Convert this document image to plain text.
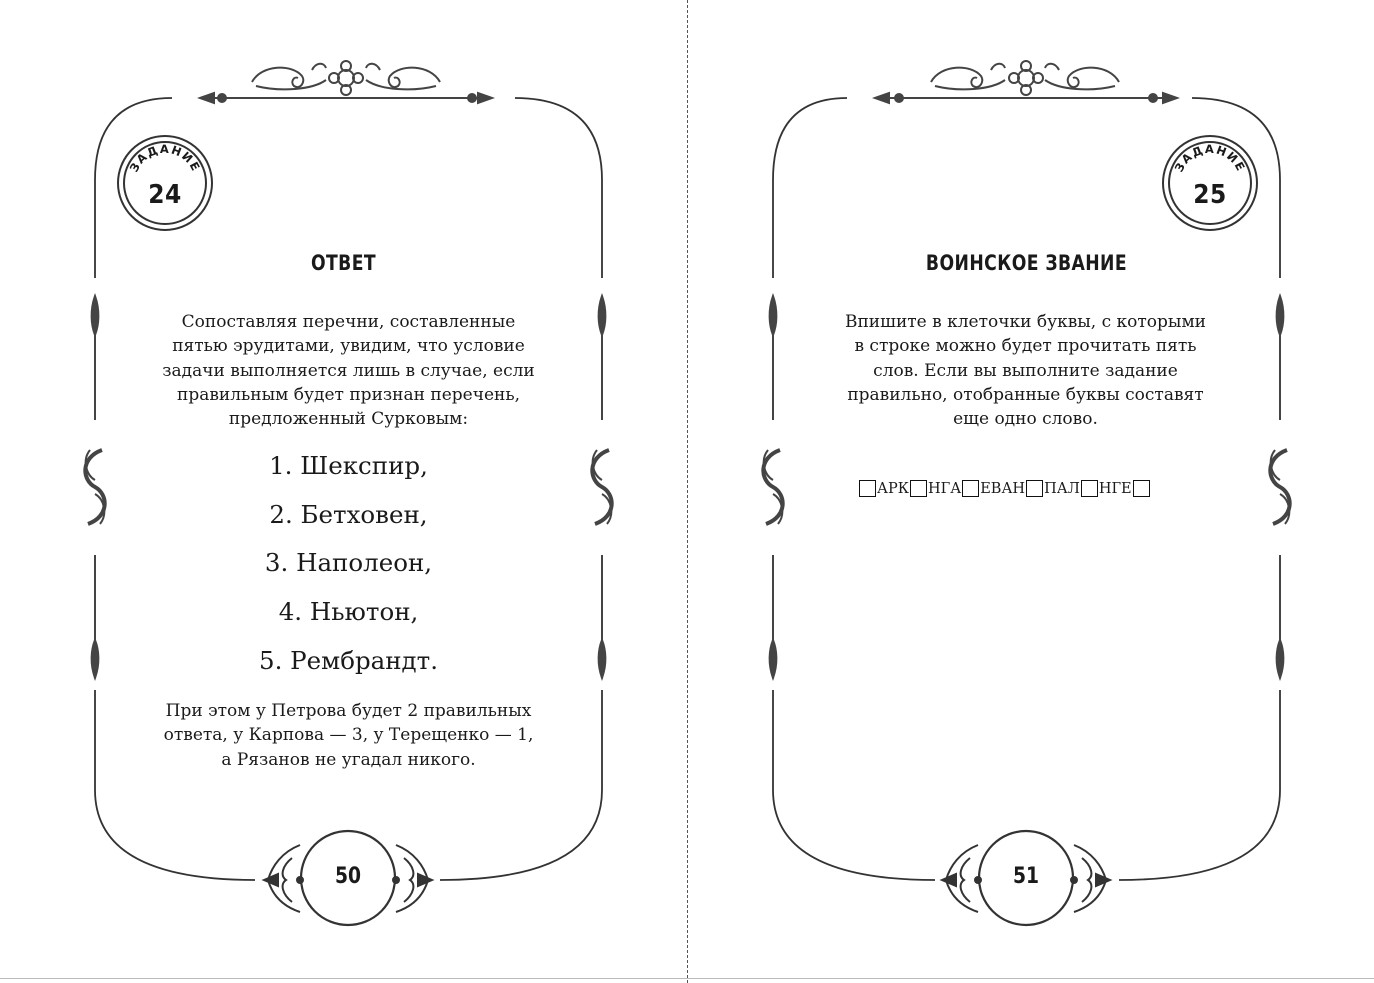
ЗАДАНИЕ
24
ОТВЕТ
Сопоставляя перечни, составленные
пятью эрудитами, увидим, что условие
задачи выполняется лишь в случае, если
правильным будет признан перечень,
предложенный Сурковым:
1. Шекспир,
2. Бетховен,
3. Наполеон,
4. Ньютон,
5. Рембрандт.
При этом у Петрова будет 2 правильных
ответа, у Карпова — 3, у Терещенко — 1,
а Рязанов не угадал никого.
50
ЗАДАНИЕ
25
ВОИНСКОЕ ЗВАНИЕ
Впишите в клеточки буквы, с которыми
в строке можно будет прочитать пять
слов. Если вы выполните задание
правильно, отобранные буквы составят
еще одно слово.
51
АРК НГА ЕВАН ПАЛ НГЕ
